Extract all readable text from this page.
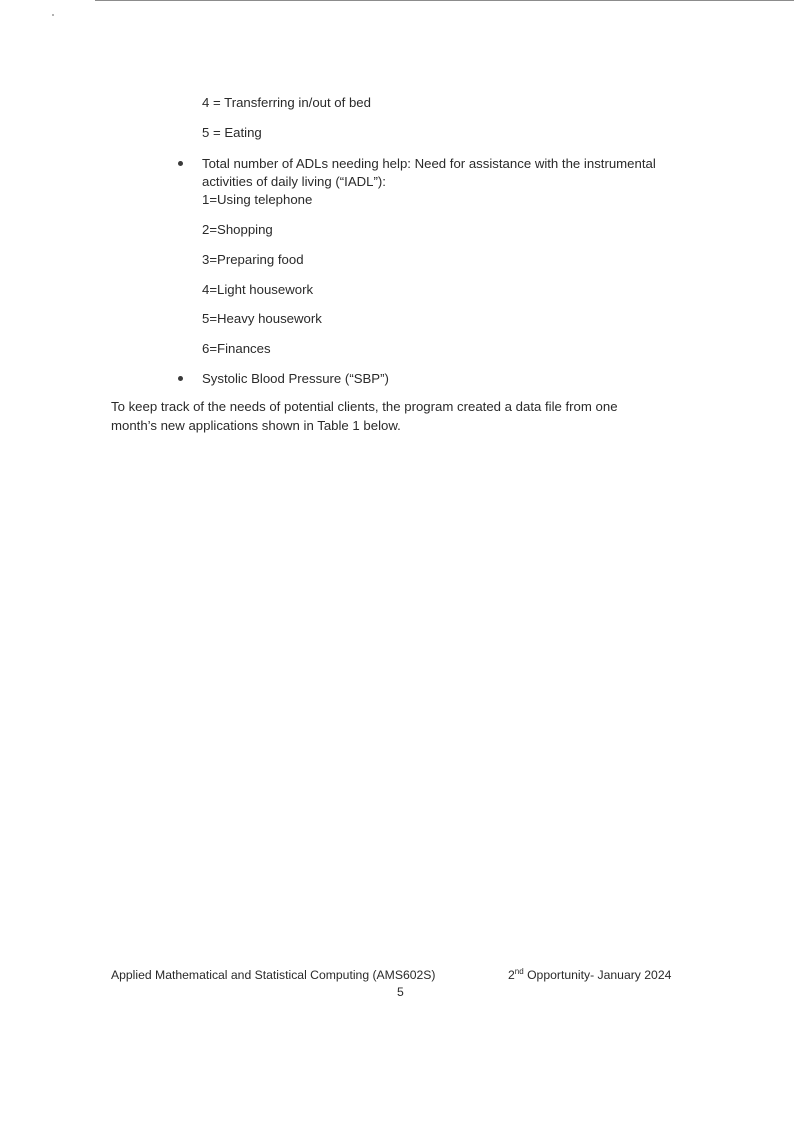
4 = Transferring in/out of bed
5 = Eating
Total number of ADLs needing help: Need for assistance with the instrumental
activities of daily living (“IADL”):
1=Using telephone
2=Shopping
3=Preparing food
4=Light housework
5=Heavy housework
6=Finances
Systolic Blood Pressure (“SBP”)
To keep track of the needs of potential clients, the program created a data file from one
month’s new applications shown in Table 1 below.
Applied Mathematical and Statistical Computing (AMS602S)	2nd Opportunity- January 2024
5
